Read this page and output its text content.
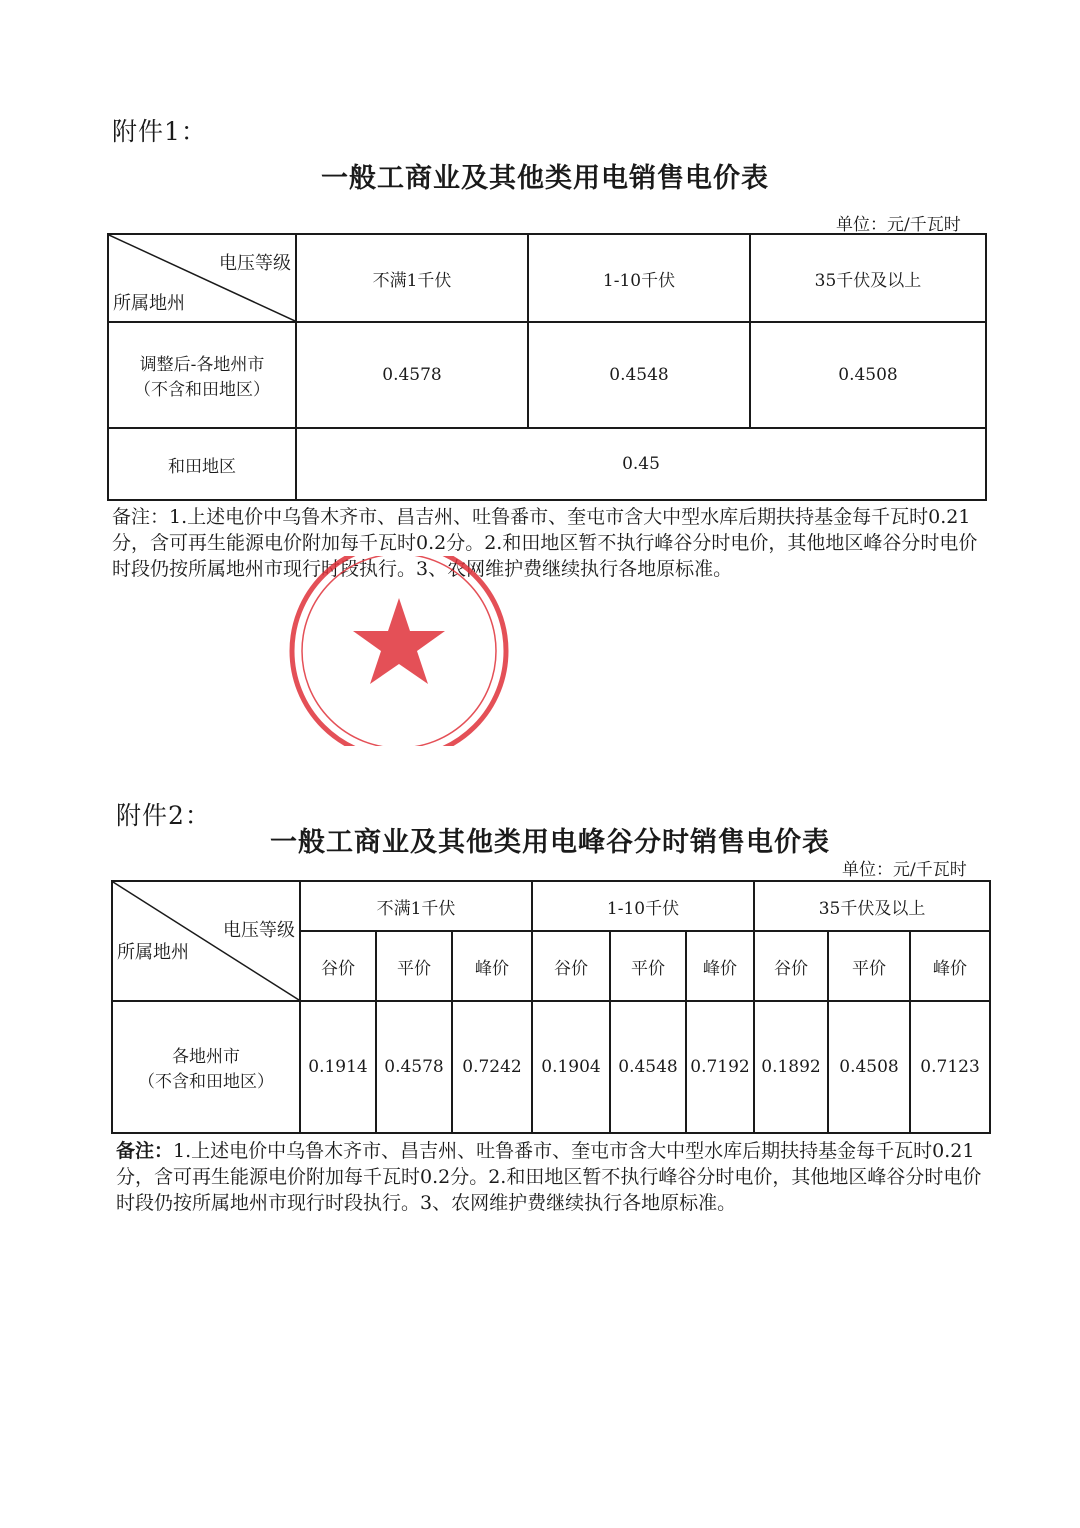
附件1：
一般工商业及其他类用电销售电价表
单位：元/千瓦时
电压等级
所属地州	不满1千伏	1-10千伏	35千伏及以上

调整后-各地州市
（不含和田地区）	0.4578	0.4548	0.4508
和田地区	0.45		
备注：1.上述电价中乌鲁木齐市、昌吉州、吐鲁番市、奎屯市含大中型水库后期扶持基金每千瓦时0.21分，含可再生能源电价附加每千瓦时0.2分。2.和田地区暂不执行峰谷分时电价，其他地区峰谷分时电价时段仍按所属地州市现行时段执行。3、农网维护费继续执行各地原标准。
附件2：
一般工商业及其他类用电峰谷分时销售电价表
单位：元/千瓦时
电压等级
所属地州	不满1千伏			1-10千伏			35千伏及以上		
	谷价	平价	峰价	谷价	平价	峰价	谷价	平价	峰价

各地州市
（不含和田地区）	0.1914	0.4578	0.7242	0.1904	0.4548	0.7192	0.1892	0.4508	0.7123
备注：1.上述电价中乌鲁木齐市、昌吉州、吐鲁番市、奎屯市含大中型水库后期扶持基金每千瓦时0.21分，含可再生能源电价附加每千瓦时0.2分。2.和田地区暂不执行峰谷分时电价，其他地区峰谷分时电价时段仍按所属地州市现行时段执行。3、农网维护费继续执行各地原标准。
